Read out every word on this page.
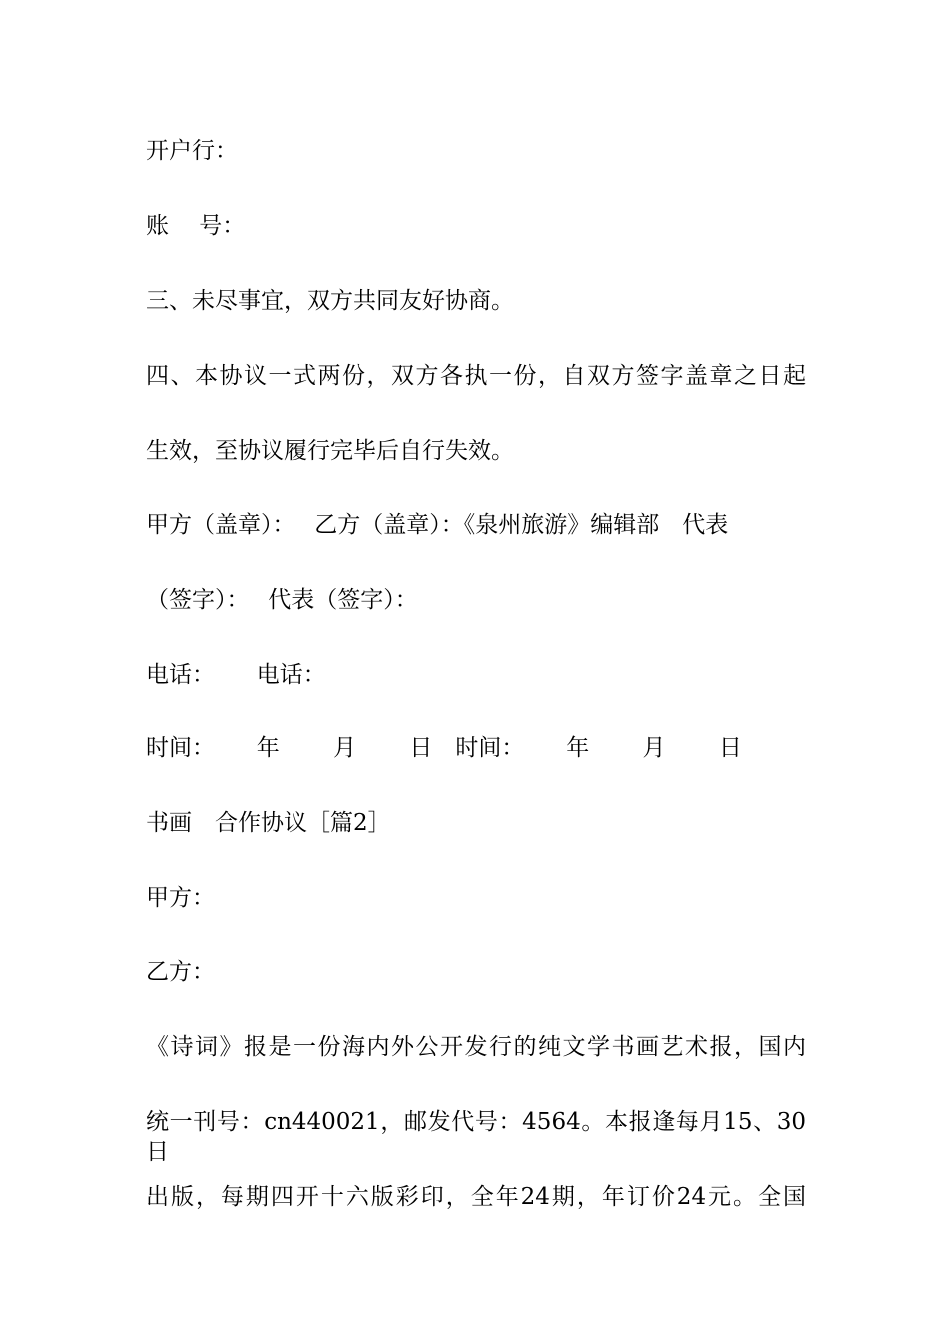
开户行：
账　 号：
三、未尽事宜，双方共同友好协商。
四、本协议一式两份，双方各执一份，自双方签字盖章之日起
生效，至协议履行完毕后自行失效。
甲方（盖章）：　 乙方（盖章）：《泉州旅游》编辑部　代表
（签字）：　 代表（签字）：
电话：　　 电话：
时间：　　 年　　 月　　 日　时间：　　 年　　 月　　 日
书画　合作协议［篇2］
甲方：
乙方：
《诗词》报是一份海内外公开发行的纯文学书画艺术报，国内
统一刊号：cn440021，邮发代号：4564。本报逢每月15、30日
出版，每期四开十六版彩印，全年24期，年订价24元。全国
